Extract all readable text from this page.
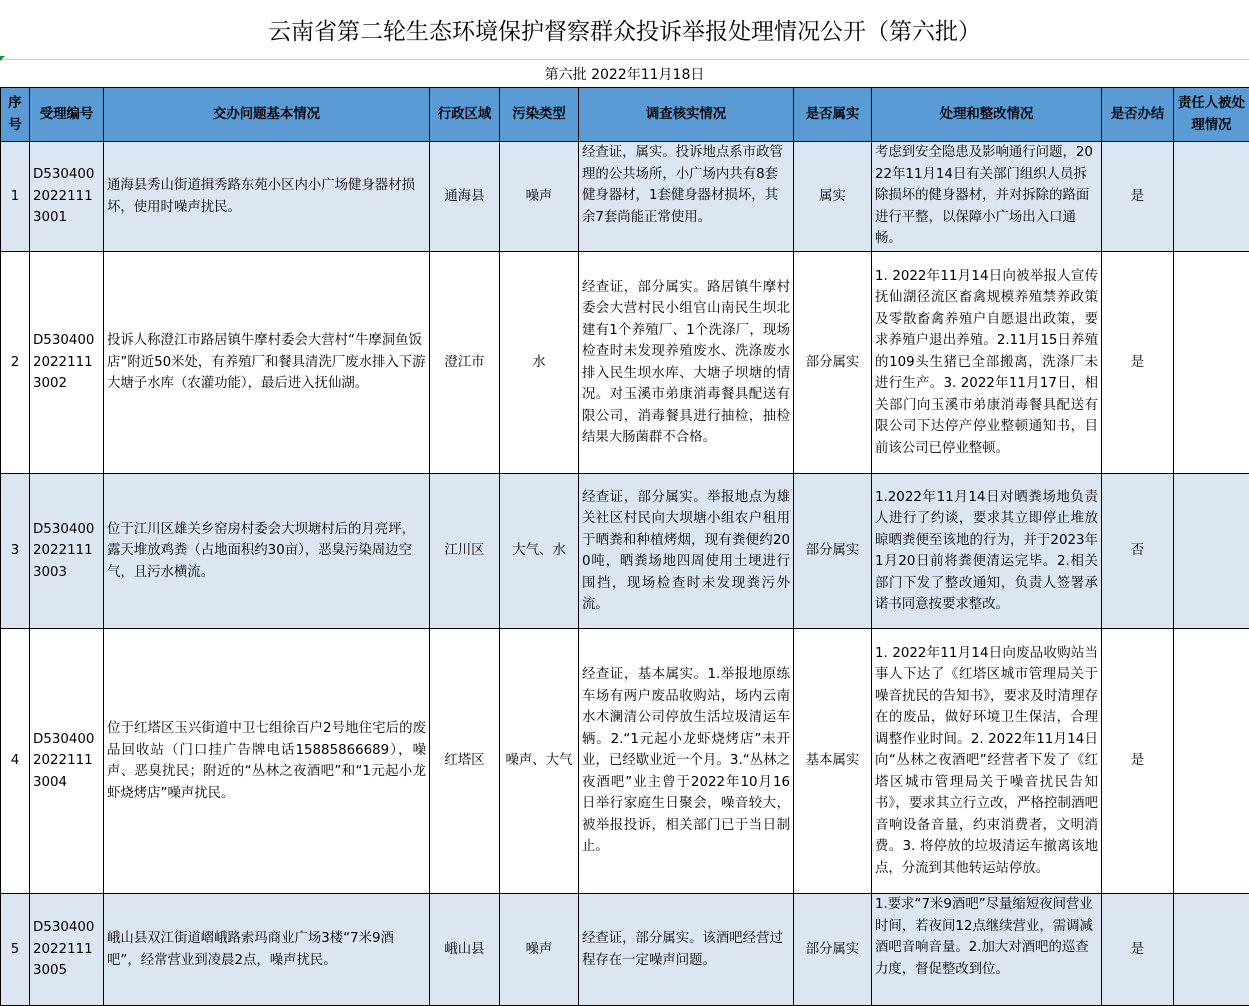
云南省第二轮生态环境保护督察群众投诉举报处理情况公开（第六批）
第六批 2022年11月18日
序号	受理编号	交办问题基本情况	行政区域	污染类型	调查核实情况	是否属实	处理和整改情况	是否办结	责任人被处理情况
1	D5304002022111 3001	通海县秀山街道揖秀路东苑小区内小广场健身器材损坏，使用时噪声扰民。	通海县	噪声	经查证，属实。投诉地点系市政管理的公共场所，小广场内共有8套健身器材，1套健身器材损坏，其余7套尚能正常使用。	属实	考虑到安全隐患及影响通行问题，2022年11月14日有关部门组织人员拆除损坏的健身器材，并对拆除的路面进行平整，以保障小广场出入口通畅。	是	
2	D5304002022111 3002	投诉人称澄江市路居镇牛摩村委会大营村“牛摩洞鱼饭店”附近50米处，有养殖厂和餐具清洗厂废水排入下游大塘子水库（农灌功能），最后进入抚仙湖。	澄江市	水	经查证，部分属实。路居镇牛摩村委会大营村民小组官山南民生坝北建有1个养殖厂、1个洗涤厂，现场检查时未发现养殖废水、洗涤废水排入民生坝水库、大塘子坝塘的情况。对玉溪市弟康消毒餐具配送有限公司，消毒餐具进行抽检，抽检结果大肠菌群不合格。	部分属实	1. 2022年11月14日向被举报人宣传抚仙湖径流区畜禽规模养殖禁养政策及零散畜禽养殖户自愿退出政策，要求养殖户退出养殖。2.11月15日养殖的109头生猪已全部搬离，洗涤厂未进行生产。3. 2022年11月17日，相关部门向玉溪市弟康消毒餐具配送有限公司下达停产停业整顿通知书，目前该公司已停业整顿。	是	
3	D5304002022111 3003	位于江川区雄关乡窑房村委会大坝塘村后的月亮坪，露天堆放鸡粪（占地面积约30亩），恶臭污染周边空气，且污水横流。	江川区	大气、水	经查证，部分属实。举报地点为雄关社区村民向大坝塘小组农户租用于晒粪和种植烤烟，现有粪便约200吨，晒粪场地四周使用土埂进行围挡，现场检查时未发现粪污外流。	部分属实	1.2022年11月14日对晒粪场地负责人进行了约谈，要求其立即停止堆放晾晒粪便至该地的行为，并于2023年1月20日前将粪便清运完毕。2.相关部门下发了整改通知，负责人签署承诺书同意按要求整改。	否	
4	D5304002022111 3004	位于红塔区玉兴街道中卫七组徐百户2号地住宅后的废品回收站（门口挂广告牌电话15885866689），噪声、恶臭扰民；附近的“丛林之夜酒吧”和“1元起小龙虾烧烤店”噪声扰民。	红塔区	噪声、大气	经查证，基本属实。1.举报地原练车场有两户废品收购站，场内云南水木澜清公司停放生活垃圾清运车辆。2.“1元起小龙虾烧烤店”未开业，已经歇业近一个月。3.“丛林之夜酒吧”业主曾于2022年10月16日举行家庭生日聚会，噪音较大，被举报投诉，相关部门已于当日制止。	基本属实	1. 2022年11月14日向废品收购站当事人下达了《红塔区城市管理局关于噪音扰民的告知书》，要求及时清理存在的废品，做好环境卫生保洁，合理调整作业时间。2. 2022年11月14日向“丛林之夜酒吧”经营者下发了《红塔区城市管理局关于噪音扰民告知书》，要求其立行立改，严格控制酒吧音响设备音量，约束消费者，文明消费。3. 将停放的垃圾清运车撤离该地点，分流到其他转运站停放。	是	
5	D5304002022111 3005	峨山县双江街道嶍峨路索玛商业广场3楼“7米9酒吧”，经常营业到凌晨2点，噪声扰民。	峨山县	噪声	经查证，部分属实。该酒吧经营过程存在一定噪声问题。	部分属实	1.要求“7米9酒吧”尽量缩短夜间营业时间，若夜间12点继续营业，需调减酒吧音响音量。2.加大对酒吧的巡查力度，督促整改到位。	是	
